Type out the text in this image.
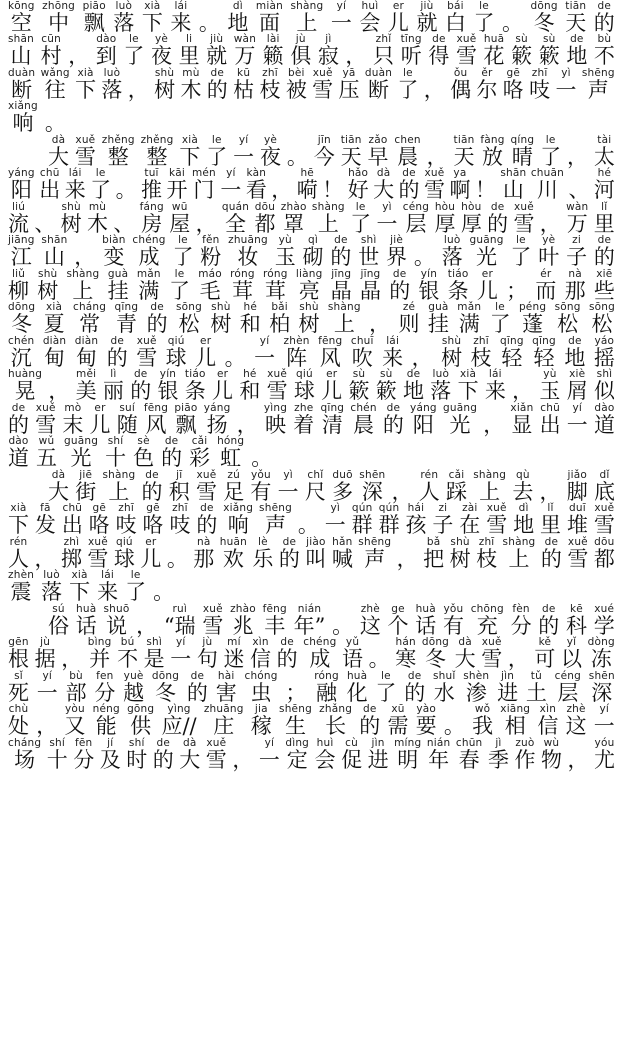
空
kōng
中
zhōng
飘
piāo
落
luò
下
xià
来
lái
。 地
dì
面
miàn
上
shàng
一
yí
会
huì
儿
er
就
jiù
白
bái
了
le
。 冬
dōng
天
tiān
的
de
山
shān
村
cūn
， 到
dào
了
le
夜
yè
里
li
就
jiù
万
wàn
籁
lài
俱
jù
寂
jì
， 只
zhǐ
听
tīng
得
de
雪
xuě
花
huā
簌
sù
簌
sù
地
de
不
bù
断
duàn
往
wǎng
下
xià
落
luò
， 树
shù
木
mù
的
de
枯
kū
枝
zhī
被
bèi
雪
xuě
压
yā
断
duàn
了
le
， 偶
ǒu
尔
ěr
咯
gē
吱
zhī
一
yì
声
shēng
响
xiǎng
。
大
dà
雪
xuě
整
zhěng
整
zhěng
下
xià
了
le
一
yí
夜
yè
。 今
jīn
天
tiān
早
zǎo
晨
chen
， 天
tiān
放
fàng
晴
qíng
了
le
， 太
tài
阳
yáng
出
chū
来
lái
了
le
。 推
tuī
开
kāi
门
mén
一
yí
看
kàn
， 嗬
hē
！ 好
hǎo
大
dà
的
de
雪
xuě
啊
ya
！ 山
shān
川
chuān
、 河
hé
流
liú
、 树
shù
木
mù
、 房
fáng
屋
wū
， 全
quán
都
dōu
罩
zhào
上
shàng
了
le
一
yì
层
céng
厚
hòu
厚
hòu
的
de
雪
xuě
， 万
wàn
里
lǐ
江
jiāng
山
shān
， 变
biàn
成
chéng
了
le
粉
fěn
妆
zhuāng
玉
yù
砌
qì
的
de
世
shì
界
jiè
。 落
luò
光
guāng
了
le
叶
yè
子
zi
的
de
柳
liǔ
树
shù
上
shàng
挂
guà
满
mǎn
了
le
毛
máo
茸
róng
茸
róng
亮
liàng
晶
jīng
晶
jīng
的
de
银
yín
条
tiáo
儿
er
； 而
ér
那
nà
些
xiē
冬
dōng
夏
xià
常
cháng
青
qīng
的
de
松
sōng
树
shù
和
hé
柏
bǎi
树
shù
上
shàng
， 则
zé
挂
guà
满
mǎn
了
le
蓬
péng
松
sōng
松
sōng
沉
chén
甸
diàn
甸
diàn
的
de
雪
xuě
球
qiú
儿
er
。 一
yí
阵
zhèn
风
fēng
吹
chuī
来
lái
， 树
shù
枝
zhī
轻
qīng
轻
qīng
地
de
摇
yáo
晃
huàng
， 美
měi
丽
lì
的
de
银
yín
条
tiáo
儿
er
和
hé
雪
xuě
球
qiú
儿
er
簌
sù
簌
sù
地
de
落
luò
下
xià
来
lái
， 玉
yù
屑
xiè
似
shì
的
de
雪
xuě
末
mò
儿
er
随
suí
风
fēng
飘
piāo
扬
yáng
， 映
yìng
着
zhe
清
qīng
晨
chén
的
de
阳
yáng
光
guāng
， 显
xiǎn
出
chū
一
yí
道
dào
道
dào
五
wǔ
光
guāng
十
shí
色
sè
的
de
彩
cǎi
虹
hóng
。
大
dà
街
jiē
上
shàng
的
de
积
jī
雪
xuě
足
zú
有
yǒu
一
yì
尺
chǐ
多
duō
深
shēn
， 人
rén
踩
cǎi
上
shàng
去
qù
， 脚
jiǎo
底
dǐ
下
xià
发
fā
出
chū
咯
gē
吱
zhī
咯
gē
吱
zhī
的
de
响
xiǎng
声
shēng
。 一
yì
群
qún
群
qún
孩
hái
子
zi
在
zài
雪
xuě
地
dì
里
lǐ
堆
duī
雪
xuě
人
rén
， 掷
zhì
雪
xuě
球
qiú
儿
er
。 那
nà
欢
huān
乐
lè
的
de
叫
jiào
喊
hǎn
声
shēng
， 把
bǎ
树
shù
枝
zhī
上
shàng
的
de
雪
xuě
都
dōu
震
zhèn
落
luò
下
xià
来
lái
了
le
。
俗
sú
话
huà
说
shuō
， “瑞
ruì
雪
xuě
兆
zhào
丰
fēng
年”
nián
。 这
zhè
个
ge
话
huà
有
yǒu
充
chōng
分
fèn
的
de
科
kē
学
xué
根
gēn
据
jù
， 并
bìng
不
bú
是
shì
一
yí
句
jù
迷
mí
信
xìn
的
de
成
chéng
语
yǔ
。 寒
hán
冬
dōng
大
dà
雪
xuě
， 可
kě
以
yǐ
冻
dòng
死
sǐ
一
yí
部
bù
分
fen
越
yuè
冬
dōng
的
de
害
hài
虫
chóng
； 融
róng
化
huà
了
le
的
de
水
shuǐ
渗
shèn
进
jìn
土
tǔ
层
céng
深
shēn
处
chù
， 又
yòu
能
néng
供
gōng
应//
yìng
庄
zhuāng
稼
jia
生
shēng
长
zhǎng
的
de
需
xū
要
yào
。 我
wǒ
相
xiāng
信
xìn
这
zhè
一
yí
场
cháng
十
shí
分
fēn
及
jí
时
shí
的
de
大
dà
雪
xuě
， 一
yí
定
dìng
会
huì
促
cù
进
jìn
明
míng
年
nián
春
chūn
季
jì
作
zuò
物
wù
， 尤
yóu
